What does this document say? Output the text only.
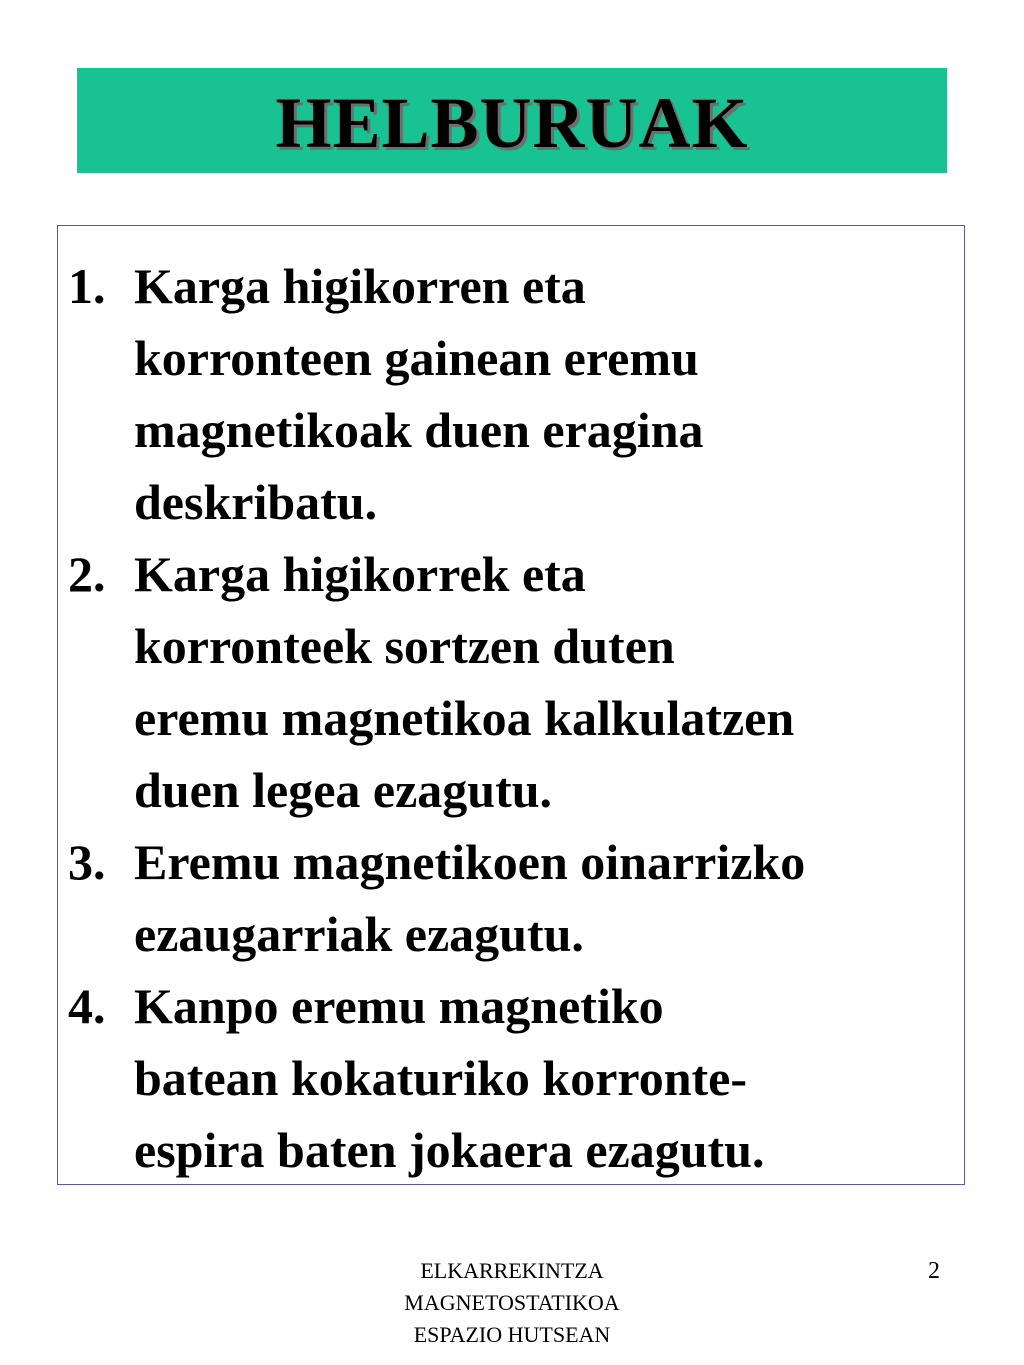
HELBURUAK
1. Karga higikorren eta
korronteen gainean eremu
magnetikoak duen eragina
deskribatu.
2. Karga higikorrek eta
korronteek sortzen duten
eremu magnetikoa kalkulatzen
duen legea ezagutu.
3. Eremu magnetikoen oinarrizko
ezaugarriak ezagutu.
4. Kanpo eremu magnetiko
batean kokaturiko korronte-
espira baten jokaera ezagutu.
ELKARREKINTZA
MAGNETOSTATIKOA
ESPAZIO HUTSEAN
2
